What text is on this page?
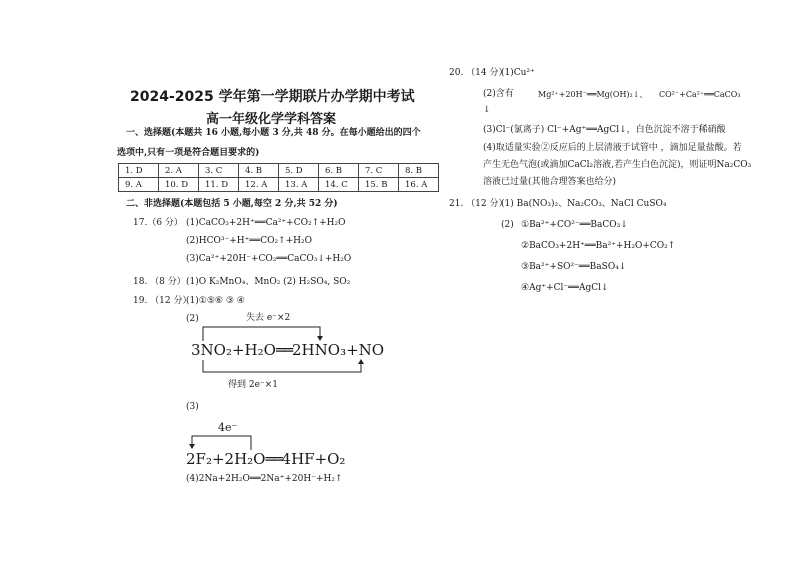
2024-2025 学年第一学期联片办学期中考试
高一年级化学学科答案
一、选择题(本题共 16 小题,每小题 3 分,共 48 分。在每小题给出的四个
选项中,只有一项是符合题目要求的)
1. D	2. A	3. C	4. B	5. D	6. B	7. C	8. B
9. A	10. D	11. D	12. A	13. A	14. C	15. B	16. A
二、非选择题(本题包括 5 小题,每空 2 分,共 52 分)
17.（6 分） (1)CaCO₃+2H⁺══Ca²⁺+CO₂↑+H₂O
(2)HCO³⁻+H⁺══CO₂↑+H₂O
(3)Ca²⁺+20H⁻+CO₂══CaCO₃↓+H₂O
18. （8 分） (1)O K₂MnO₄、MnO₂ (2) H₂SO₄, SO₂
19. （12 分）
(1)①⑤⑥ ③ ④
(2)	失去 e⁻×2
3NO₂+H₂O══2HNO₃+NO
得到 2e⁻×1
(3)
4e⁻
2F₂+2H₂O══4HF+O₂
(4)2Na+2H₂O══2Na⁺+20H⁻+H₂↑
20. （14 分）
(1)Cu²⁺
(2)含有	Mg²⁺+20H⁻══Mg(OH)₂↓、 CO²⁻+Ca²⁺══CaCO₃
↓
(3)Cl⁻(氯离子) Cl⁻+Ag⁺══AgCl↓，白色沉淀不溶于稀硝酸
(4)取适量实验②反应后的上层清液于试管中 ，滴加足量盐酸。若
产生无色气泡(或滴加CaCl₂溶液,若产生白色沉淀)，则证明Na₂CO₃
溶液已过量(其他合理答案也给分)
21. （12 分）
(1) Ba(NO₃)₂、Na₂CO₃、NaCl CuSO₄
(2) ①Ba²⁺+CO²⁻══BaCO₃↓
②BaCO₃+2H⁺══Ba²⁺+H₂O+CO₂↑
③Ba²⁺+SO²⁻══BaSO₄↓
④Ag⁺+Cl⁻══AgCl↓
